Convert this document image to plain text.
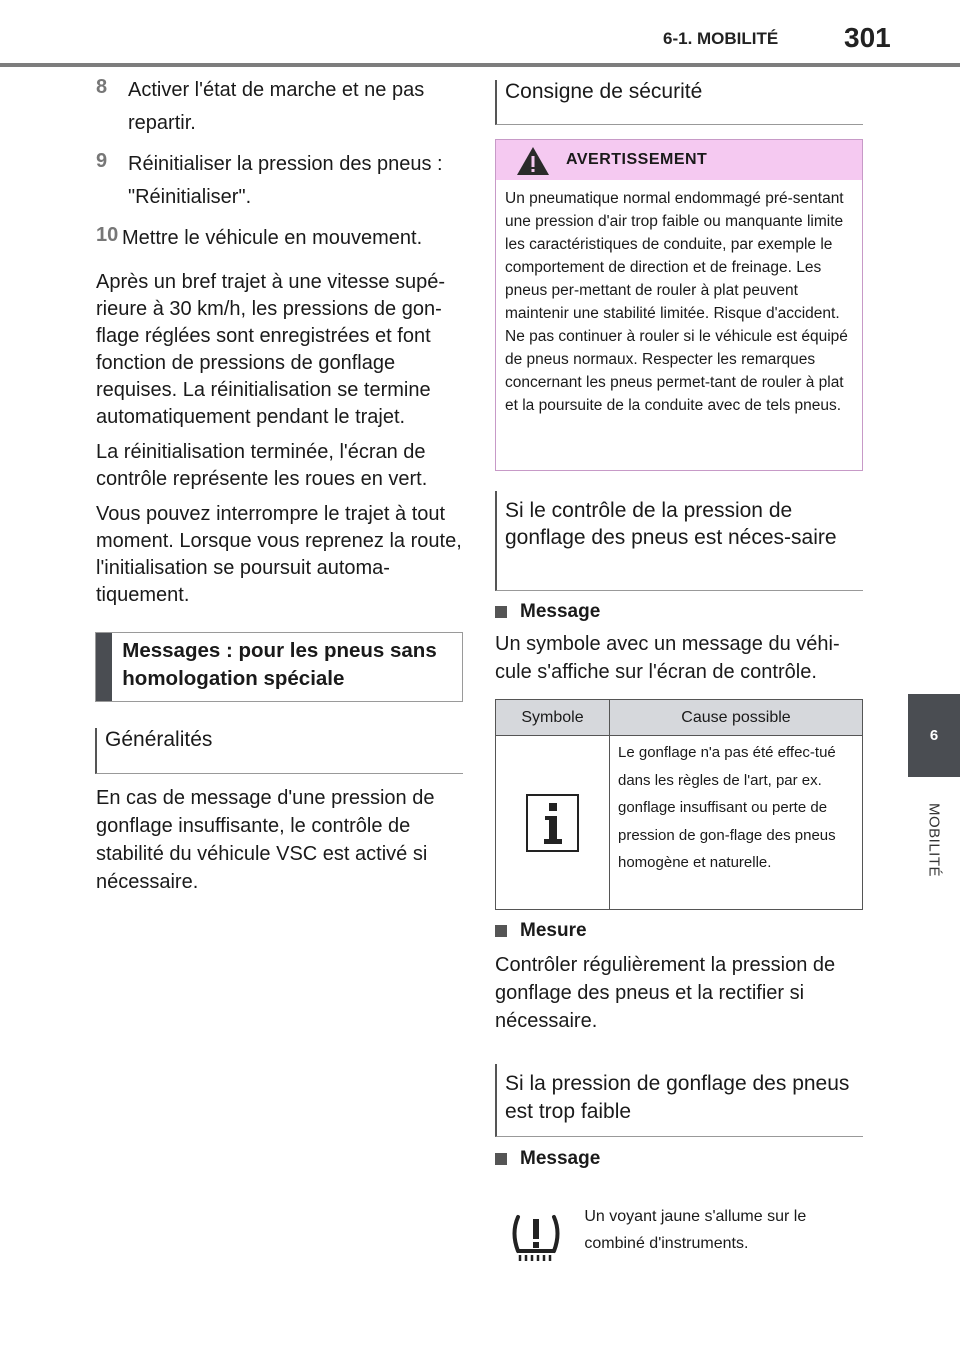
6-1. MOBILITÉ 301
6
MOBILITÉ
8	Activer l'état de marche et ne pas repartir.
9	Réinitialiser la pression des pneus : "Réinitialiser".
10 Mettre le véhicule en mouvement.

Après un bref trajet à une vitesse supé-rieure à 30 km/h, les pressions de gon-flage réglées sont enregistrées et font fonction de pressions de gonflage requises. La réinitialisation se termine automatiquement pendant le trajet.

La réinitialisation terminée, l'écran de contrôle représente les roues en vert.

Vous pouvez interrompre le trajet à tout moment. Lorsque vous reprenez la route, l'initialisation se poursuit automa-tiquement.

Messages : pour les pneus sans homologation spéciale
Généralités

En cas de message d'une pression de gonflage insuffisante, le contrôle de stabilité du véhicule VSC est activé si nécessaire.

Consigne de sécurité
AVERTISSEMENT

Un pneumatique normal endommagé pré-sentant une pression d'air trop faible ou manquante limite les caractéristiques de conduite, par exemple le comportement de direction et de freinage. Les pneus per-mettant de rouler à plat peuvent maintenir une stabilité limitée. Risque d'accident. Ne pas continuer à rouler si le véhicule est équipé de pneus normaux. Respecter les remarques concernant les pneus permet-tant de rouler à plat et la poursuite de la conduite avec de tels pneus.

Si le contrôle de la pression de gonflage des pneus est néces-saire
Message

Un symbole avec un message du véhi-cule s'affiche sur l'écran de contrôle.

Symbole	Cause possible
Le gonflage n'a pas été effec-tué dans les règles de l'art, par ex. gonflage insuffisant ou perte de pression de gon-flage des pneus homogène et naturelle.
Mesure

Contrôler régulièrement la pression de gonflage des pneus et la rectifier si nécessaire.

Si la pression de gonflage des pneus est trop faible
Message

Un voyant jaune s'allume sur le combiné d'instruments.
